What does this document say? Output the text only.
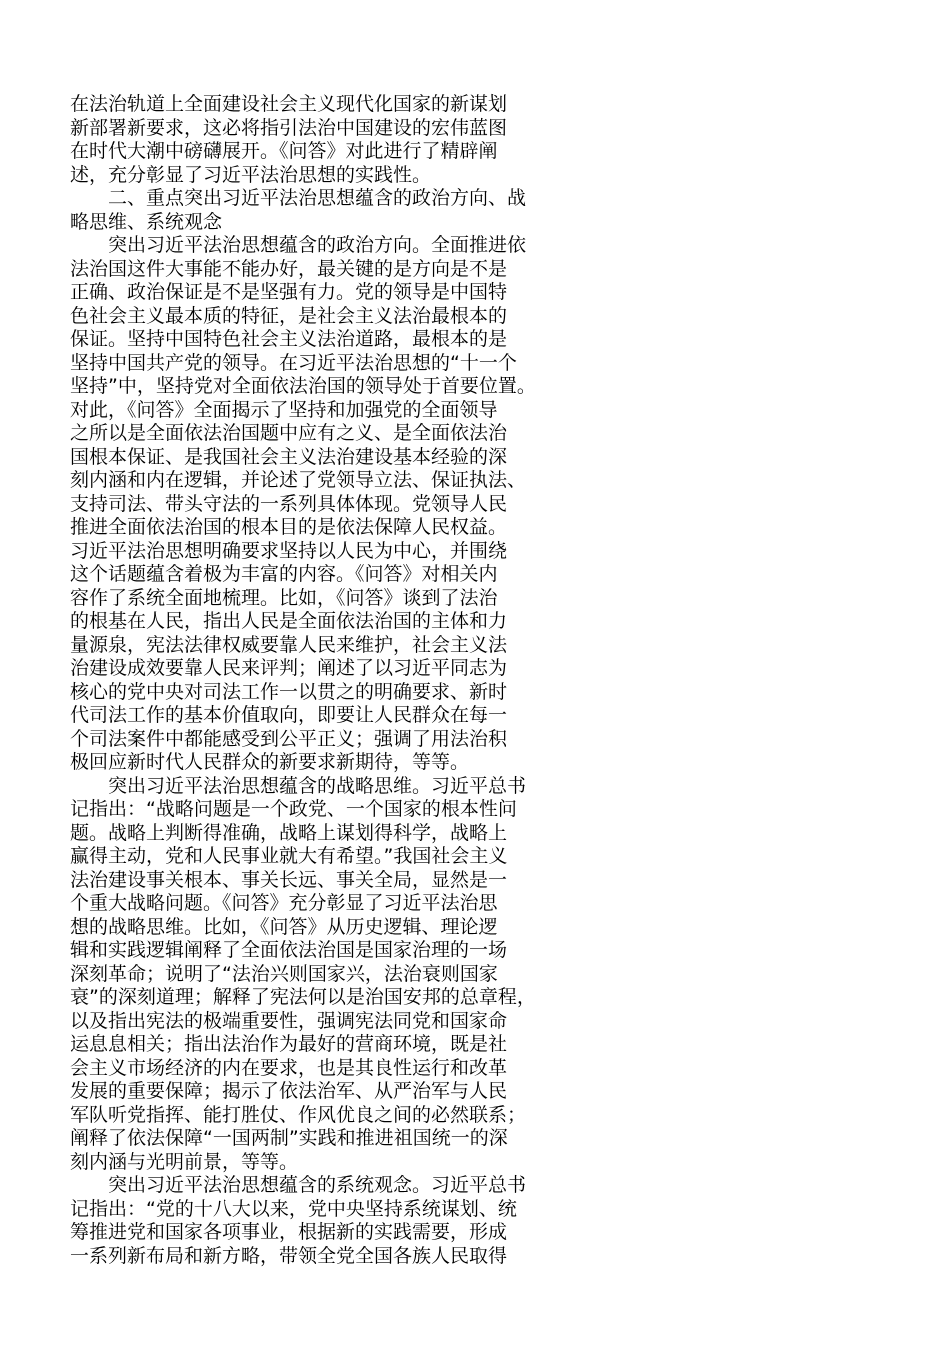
在法治轨道上全面建设社会主义现代化国家的新谋划
新部署新要求，这必将指引法治中国建设的宏伟蓝图
在时代大潮中磅礴展开。《问答》对此进行了精辟阐
述，充分彰显了习近平法治思想的实践性。
　　二、重点突出习近平法治思想蕴含的政治方向、战
略思维、系统观念
　　突出习近平法治思想蕴含的政治方向。全面推进依
法治国这件大事能不能办好，最关键的是方向是不是
正确、政治保证是不是坚强有力。党的领导是中国特
色社会主义最本质的特征，是社会主义法治最根本的
保证。坚持中国特色社会主义法治道路，最根本的是
坚持中国共产党的领导。在习近平法治思想的“十一个
坚持”中，坚持党对全面依法治国的领导处于首要位置。
对此，《问答》全面揭示了坚持和加强党的全面领导
之所以是全面依法治国题中应有之义、是全面依法治
国根本保证、是我国社会主义法治建设基本经验的深
刻内涵和内在逻辑，并论述了党领导立法、保证执法、
支持司法、带头守法的一系列具体体现。党领导人民
推进全面依法治国的根本目的是依法保障人民权益。
习近平法治思想明确要求坚持以人民为中心，并围绕
这个话题蕴含着极为丰富的内容。《问答》对相关内
容作了系统全面地梳理。比如，《问答》谈到了法治
的根基在人民，指出人民是全面依法治国的主体和力
量源泉，宪法法律权威要靠人民来维护，社会主义法
治建设成效要靠人民来评判；阐述了以习近平同志为
核心的党中央对司法工作一以贯之的明确要求、新时
代司法工作的基本价值取向，即要让人民群众在每一
个司法案件中都能感受到公平正义；强调了用法治积
极回应新时代人民群众的新要求新期待，等等。
　　突出习近平法治思想蕴含的战略思维。习近平总书
记指出：“战略问题是一个政党、一个国家的根本性问
题。战略上判断得准确，战略上谋划得科学，战略上
赢得主动，党和人民事业就大有希望。”我国社会主义
法治建设事关根本、事关长远、事关全局，显然是一
个重大战略问题。《问答》充分彰显了习近平法治思
想的战略思维。比如，《问答》从历史逻辑、理论逻
辑和实践逻辑阐释了全面依法治国是国家治理的一场
深刻革命；说明了“法治兴则国家兴，法治衰则国家
衰”的深刻道理；解释了宪法何以是治国安邦的总章程，
以及指出宪法的极端重要性，强调宪法同党和国家命
运息息相关；指出法治作为最好的营商环境，既是社
会主义市场经济的内在要求，也是其良性运行和改革
发展的重要保障；揭示了依法治军、从严治军与人民
军队听党指挥、能打胜仗、作风优良之间的必然联系；
阐释了依法保障“一国两制”实践和推进祖国统一的深
刻内涵与光明前景，等等。
　　突出习近平法治思想蕴含的系统观念。习近平总书
记指出：“党的十八大以来，党中央坚持系统谋划、统
筹推进党和国家各项事业，根据新的实践需要，形成
一系列新布局和新方略，带领全党全国各族人民取得
